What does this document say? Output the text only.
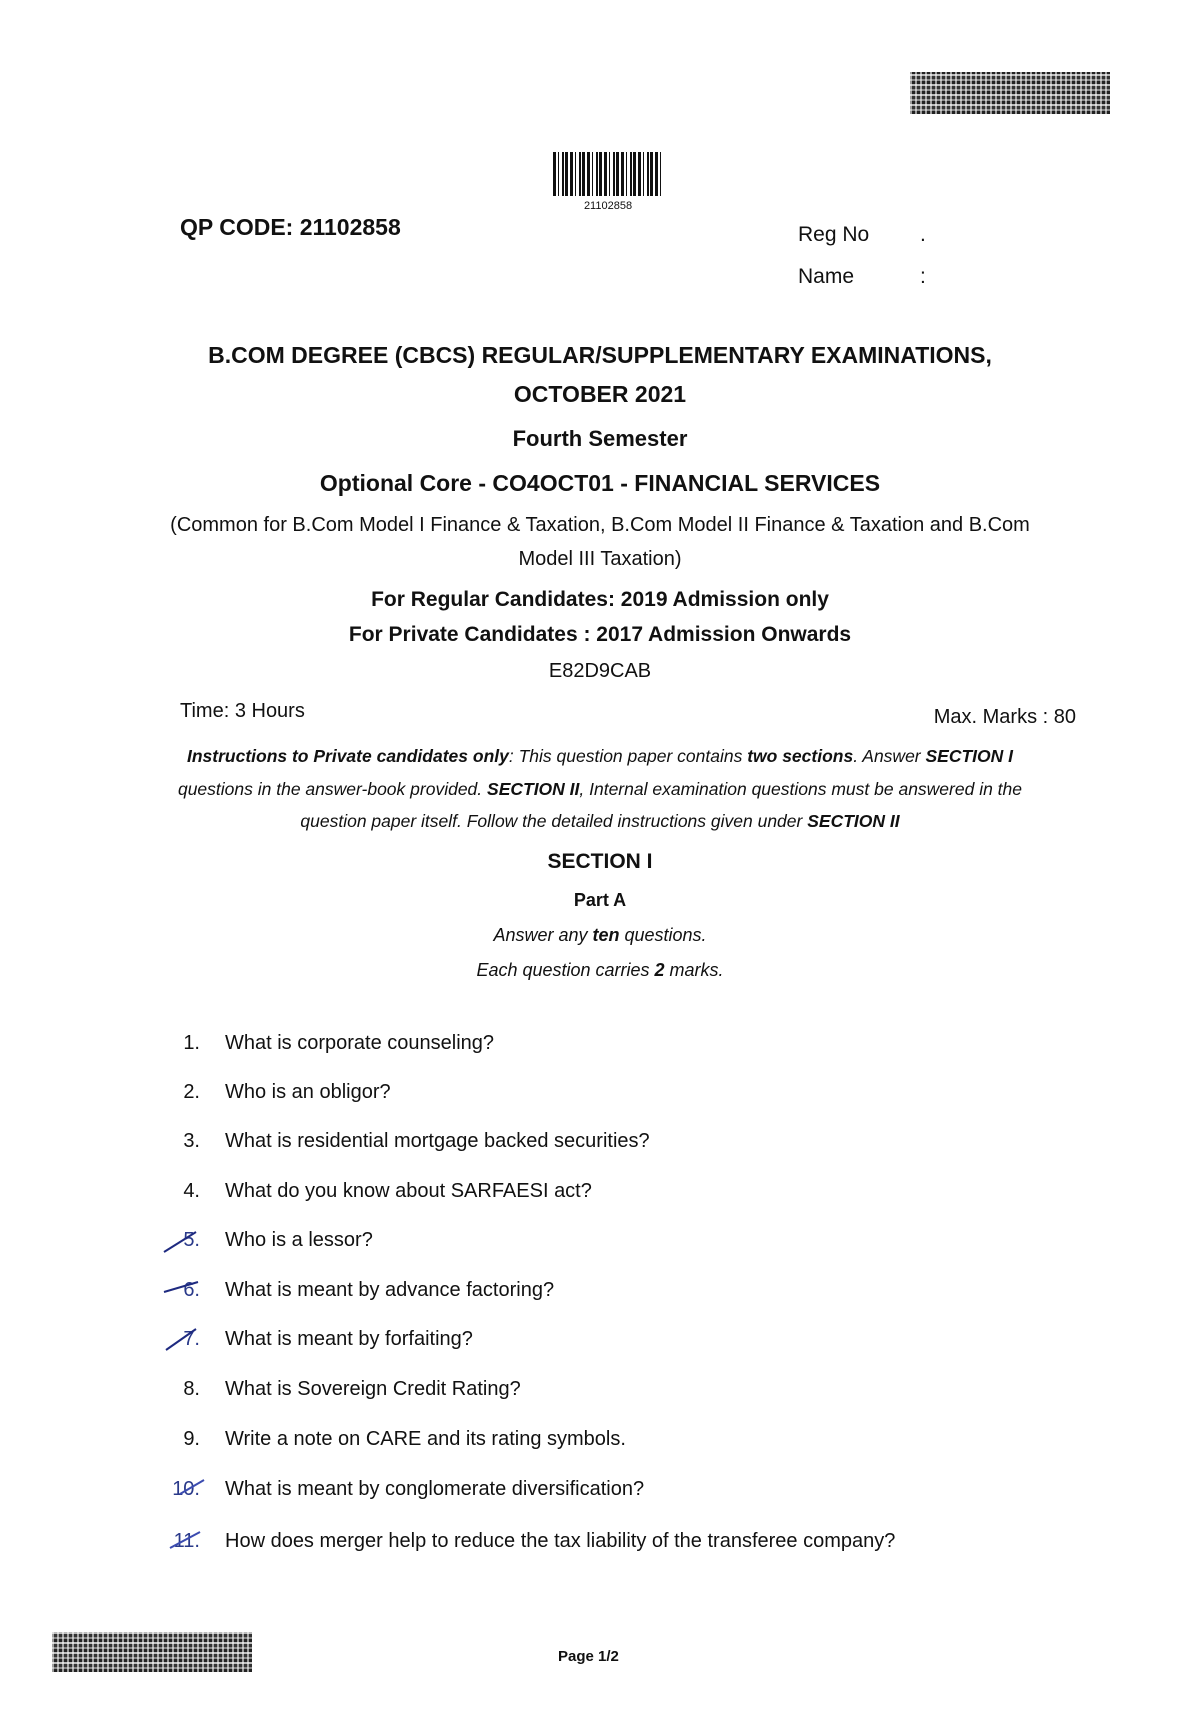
21102858
QP CODE: 21102858	Reg No .
Name	:
B.COM DEGREE (CBCS) REGULAR/SUPPLEMENTARY EXAMINATIONS,
OCTOBER 2021
Fourth Semester
Optional Core - CO4OCT01 - FINANCIAL SERVICES
(Common for B.Com Model I Finance & Taxation, B.Com Model II Finance & Taxation and B.Com
Model III Taxation)
For Regular Candidates: 2019 Admission only
For Private Candidates : 2017 Admission Onwards
E82D9CAB
Time: 3 Hours	Max. Marks : 80
Instructions to Private candidates only: This question paper contains two sections. Answer SECTION I
questions in the answer-book provided. SECTION II, Internal examination questions must be answered in the
question paper itself. Follow the detailed instructions given under SECTION II
SECTION I
Part A
Answer any ten questions.
Each question carries 2 marks.
1. What is corporate counseling?
2. Who is an obligor?
3. What is residential mortgage backed securities?
4. What do you know about SARFAESI act?
5. Who is a lessor?
6. What is meant by advance factoring?
7. What is meant by forfaiting?
8. What is Sovereign Credit Rating?
9. Write a note on CARE and its rating symbols.
10. What is meant by conglomerate diversification?
11. How does merger help to reduce the tax liability of the transferee company?
Page 1/2
